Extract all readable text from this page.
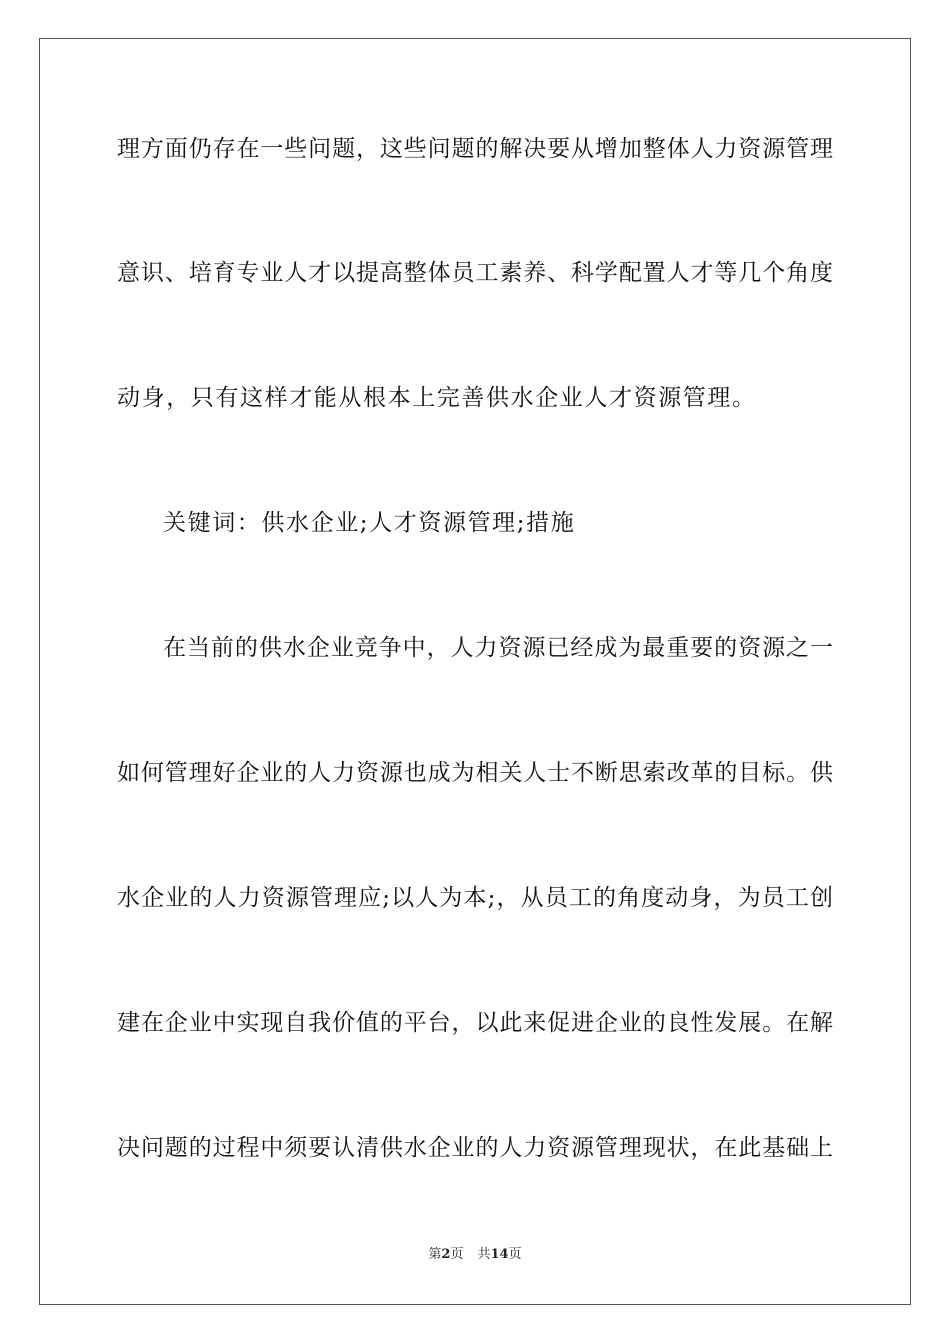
理方面仍存在一些问题，这些问题的解决要从增加整体人力资源管理
意识、培育专业人才以提高整体员工素养、科学配置人才等几个角度
动身，只有这样才能从根本上完善供水企业人才资源管理。
关键词：供水企业;人才资源管理;措施
在当前的供水企业竞争中，人力资源已经成为最重要的资源之一
如何管理好企业的人力资源也成为相关人士不断思索改革的目标。供
水企业的人力资源管理应;以人为本;，从员工的角度动身，为员工创
建在企业中实现自我价值的平台，以此来促进企业的良性发展。在解
决问题的过程中须要认清供水企业的人力资源管理现状，在此基础上
第2页 共14页
